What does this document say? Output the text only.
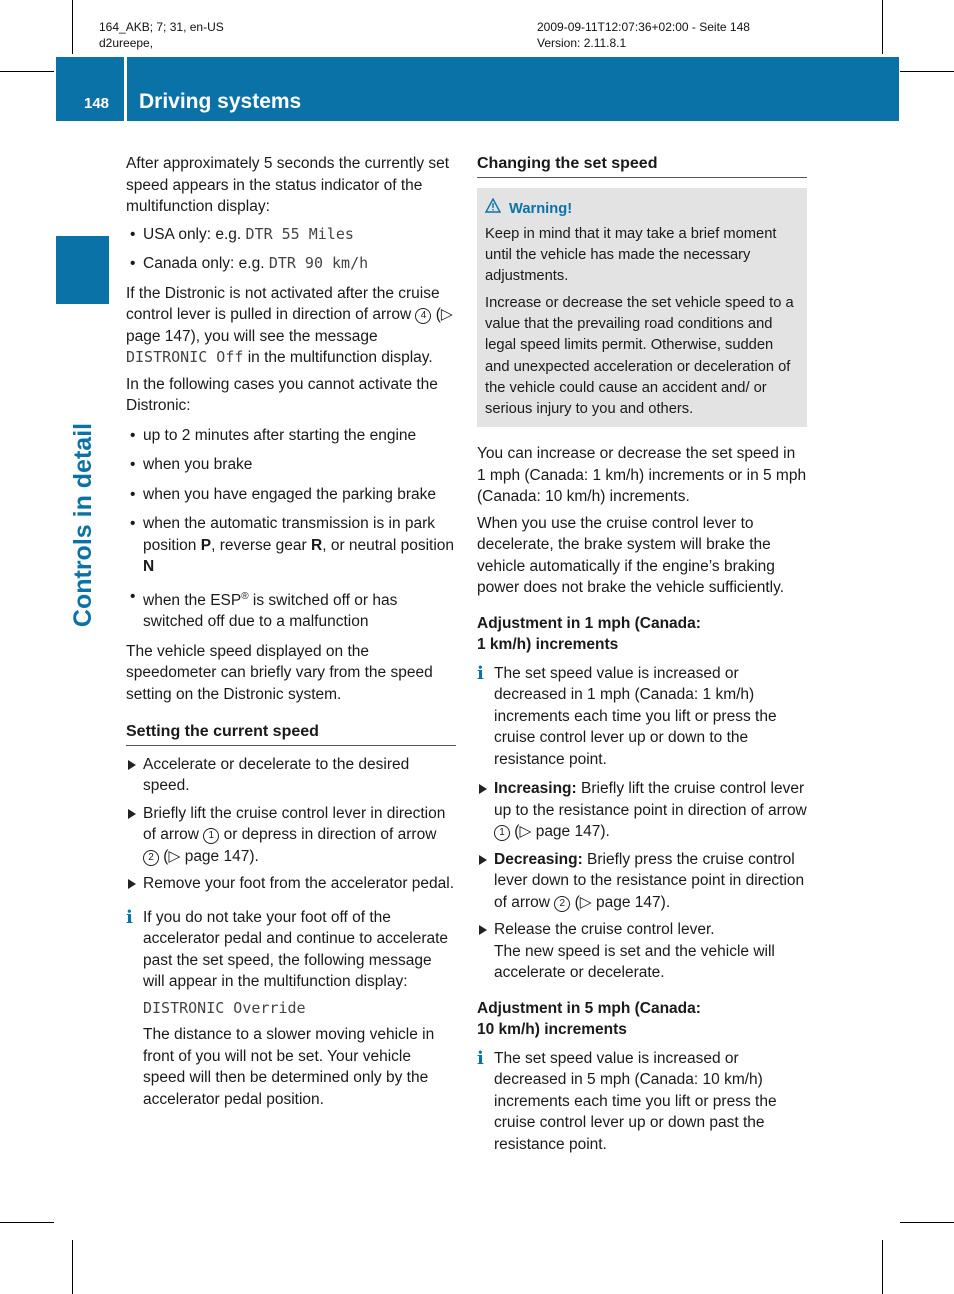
164_AKB; 7; 31, en-US
d2ureepe,
2009-09-11T12:07:36+02:00 - Seite 148
Version: 2.11.8.1
148 Driving systems
Controls in detail

After approximately 5 seconds the currently set speed appears in the status indicator of the multifunction display:

• USA only: e.g. DTR 55 Miles
• Canada only: e.g. DTR 90 km/h

If the Distronic is not activated after the cruise control lever is pulled in direction of arrow 4 (▷ page 147), you will see the message DISTRONIC Off in the multifunction display.

In the following cases you cannot activate the Distronic:

• up to 2 minutes after starting the engine
• when you brake
• when you have engaged the parking brake
• when the automatic transmission is in park position P, reverse gear R, or neutral position N
• when the ESP® is switched off or has switched off due to a malfunction

The vehicle speed displayed on the speedometer can briefly vary from the speed setting on the Distronic system.

Setting the current speed
Accelerate or decelerate to the desired speed.
Briefly lift the cruise control lever in direction of arrow 1 or depress in direction of arrow 2 (▷ page 147).
Remove your foot from the accelerator pedal.
i If you do not take your foot off of the accelerator pedal and continue to accelerate past the set speed, the following message will appear in the multifunction display:

DISTRONIC Override

The distance to a slower moving vehicle in front of you will not be set. Your vehicle speed will then be determined only by the accelerator pedal position.

Changing the set speed
Warning!

Keep in mind that it may take a brief moment until the vehicle has made the necessary adjustments.

Increase or decrease the set vehicle speed to a value that the prevailing road conditions and legal speed limits permit. Otherwise, sudden and unexpected acceleration or deceleration of the vehicle could cause an accident and/ or serious injury to you and others.

You can increase or decrease the set speed in 1 mph (Canada: 1 km/h) increments or in 5 mph (Canada: 10 km/h) increments.

When you use the cruise control lever to decelerate, the brake system will brake the vehicle automatically if the engine’s braking power does not brake the vehicle sufficiently.

Adjustment in 1 mph (Canada:
1 km/h) increments
i The set speed value is increased or decreased in 1 mph (Canada: 1 km/h) increments each time you lift or press the cruise control lever up or down to the resistance point.

Increasing: Briefly lift the cruise control lever up to the resistance point in direction of arrow 1 (▷ page 147).
Decreasing: Briefly press the cruise control lever down to the resistance point in direction of arrow 2 (▷ page 147).
Release the cruise control lever.
The new speed is set and the vehicle will accelerate or decelerate.
Adjustment in 5 mph (Canada:
10 km/h) increments
i The set speed value is increased or decreased in 5 mph (Canada: 10 km/h) increments each time you lift or press the cruise control lever up or down past the resistance point.
